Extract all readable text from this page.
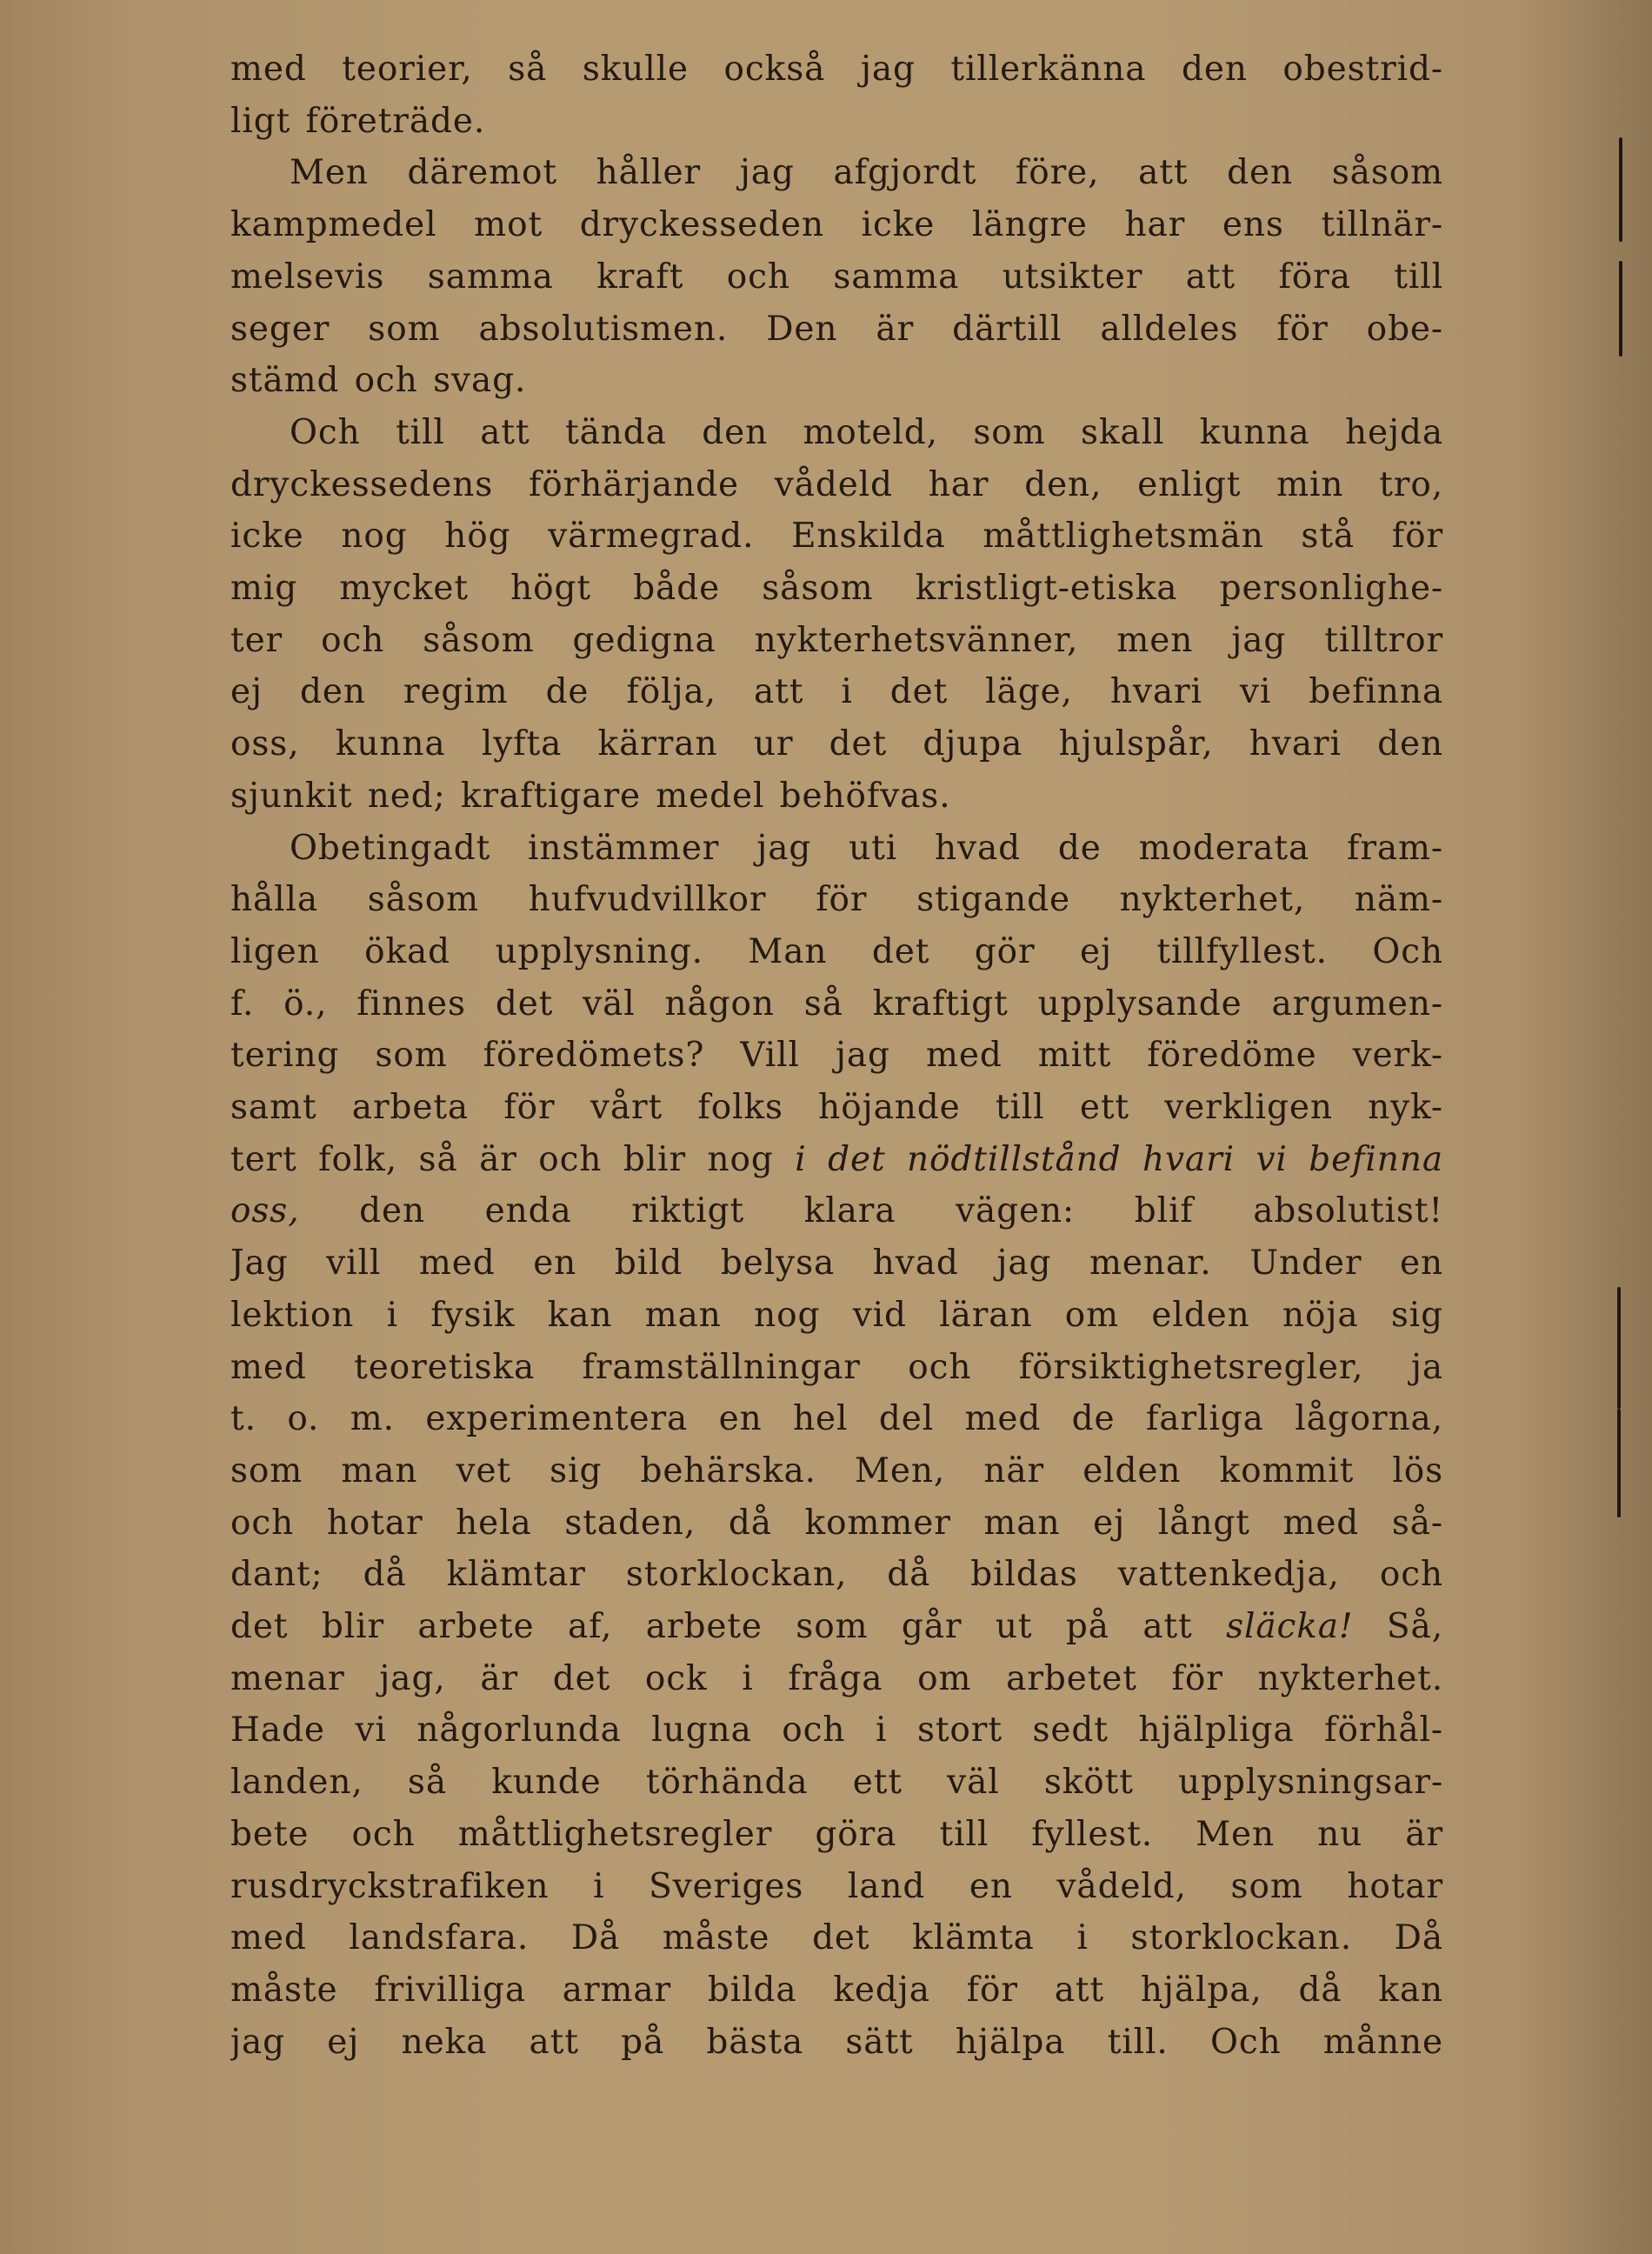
med teorier, så skulle också jag tillerkänna den obestrid-
ligt företräde.
Men däremot håller jag afgjordt före, att den såsom
kampmedel mot dryckesseden icke längre har ens tillnär-
melsevis samma kraft och samma utsikter att föra till
seger som absolutismen. Den är därtill alldeles för obe-
stämd och svag.
Och till att tända den moteld, som skall kunna hejda
dryckessedens förhärjande vådeld har den, enligt min tro,
icke nog hög värmegrad. Enskilda måttlighetsmän stå för
mig mycket högt både såsom kristligt-etiska personlighe-
ter och såsom gedigna nykterhetsvänner, men jag tilltror
ej den regim de följa, att i det läge, hvari vi befinna
oss, kunna lyfta kärran ur det djupa hjulspår, hvari den
sjunkit ned; kraftigare medel behöfvas.
Obetingadt instämmer jag uti hvad de moderata fram-
hålla såsom hufvudvillkor för stigande nykterhet, näm-
ligen ökad upplysning. Man det gör ej tillfyllest. Och
f. ö., finnes det väl någon så kraftigt upplysande argumen-
tering som föredömets? Vill jag med mitt föredöme verk-
samt arbeta för vårt folks höjande till ett verkligen nyk-
tert folk, så är och blir nog i det nödtillstånd hvari vi befinna
oss, den enda riktigt klara vägen: blif absolutist!
Jag vill med en bild belysa hvad jag menar. Under en
lektion i fysik kan man nog vid läran om elden nöja sig
med teoretiska framställningar och försiktighetsregler, ja
t. o. m. experimentera en hel del med de farliga lågorna,
som man vet sig behärska. Men, när elden kommit lös
och hotar hela staden, då kommer man ej långt med så-
dant; då klämtar storklockan, då bildas vattenkedja, och
det blir arbete af, arbete som går ut på att släcka! Så,
menar jag, är det ock i fråga om arbetet för nykterhet.
Hade vi någorlunda lugna och i stort sedt hjälpliga förhål-
landen, så kunde törhända ett väl skött upplysningsar-
bete och måttlighetsregler göra till fyllest. Men nu är
rusdryckstrafiken i Sveriges land en vådeld, som hotar
med landsfara. Då måste det klämta i storklockan. Då
måste frivilliga armar bilda kedja för att hjälpa, då kan
jag ej neka att på bästa sätt hjälpa till. Och månne
